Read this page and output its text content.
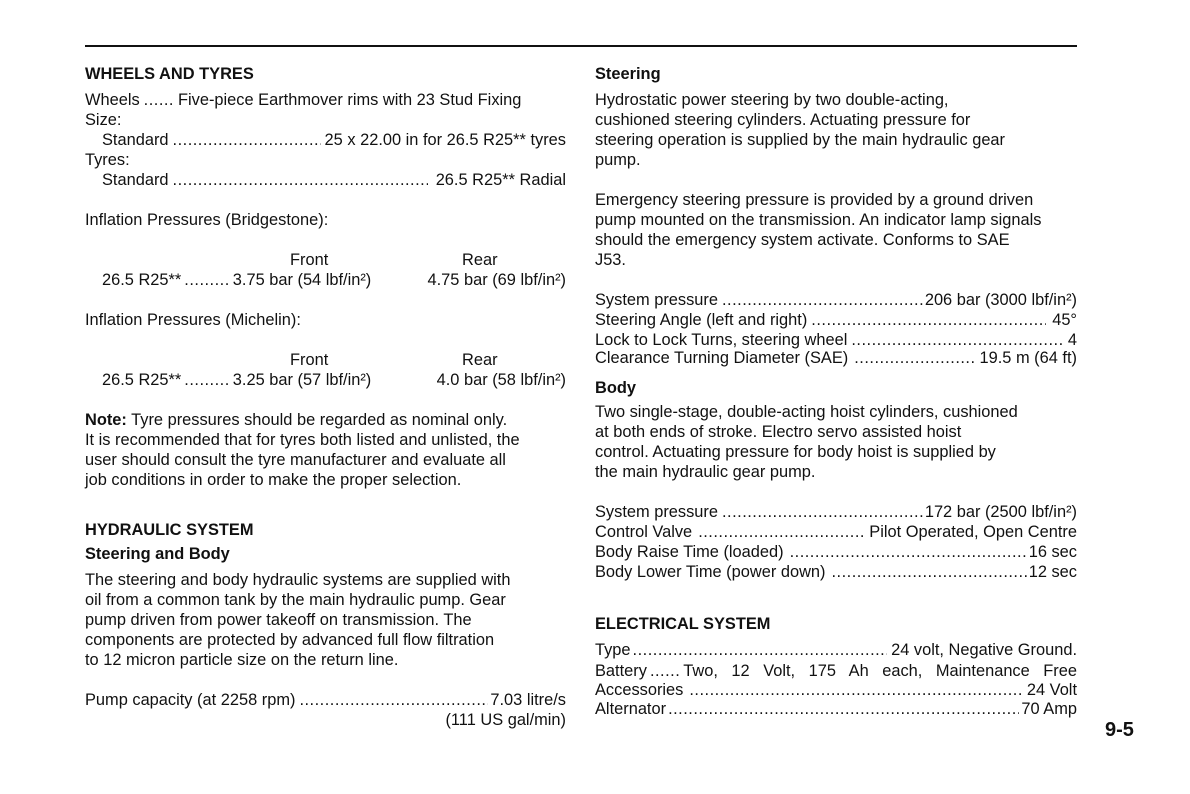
WHEELS AND TYRES
Wheels ...... Five-piece Earthmover rims with 23 Stud Fixing
Size:
Standard .....	25 x 22.00 in for 26.5 R25** tyres
Tyres:
Standard .....	26.5 R25** Radial
Inflation Pressures (Bridgestone):
Front	Rear
26.5 R25** ......... 3.75 bar (54 lbf/in²)	4.75 bar (69 lbf/in²)
Inflation Pressures (Michelin):
Front	Rear
26.5 R25** ......... 3.25 bar (57 lbf/in²)	4.0 bar (58 lbf/in²)
Note: Tyre pressures should be regarded as nominal only.
It is recommended that for tyres both listed and unlisted, the
user should consult the tyre manufacturer and evaluate all
job conditions in order to make the proper selection.
HYDRAULIC SYSTEM
Steering and Body
The steering and body hydraulic systems are supplied with
oil from a common tank by the main hydraulic pump. Gear
pump driven from power takeoff on transmission. The
components are protected by advanced full flow filtration
to 12 micron particle size on the return line.
Pump capacity (at 2258 rpm) .....	7.03 litre/s
(111 US gal/min)
Steering
Hydrostatic power steering by two double-acting,
cushioned steering cylinders. Actuating pressure for
steering operation is supplied by the main hydraulic gear
pump.
Emergency steering pressure is provided by a ground driven
pump mounted on the transmission. An indicator lamp signals
should the emergency system activate. Conforms to SAE
J53.
System pressure .....	206 bar (3000 lbf/in²)
Steering Angle (left and right) .....	45°
Lock to Lock Turns, steering wheel .....	4
Clearance Turning Diameter (SAE) .....	19.5 m (64 ft)
Body
Two single-stage, double-acting hoist cylinders, cushioned
at both ends of stroke. Electro servo assisted hoist
control. Actuating pressure for body hoist is supplied by
the main hydraulic gear pump.
System pressure .....	172 bar (2500 lbf/in²)
Control Valve .....	Pilot Operated, Open Centre
Body Raise Time (loaded) .....	16 sec
Body Lower Time (power down) .....	12 sec
ELECTRICAL SYSTEM
Type .....	24 volt, Negative Ground.
Battery ...... Two, 12 Volt, 175 Ah each, Maintenance Free
Accessories .....	24 Volt
Alternator .....	70 Amp
9-5
